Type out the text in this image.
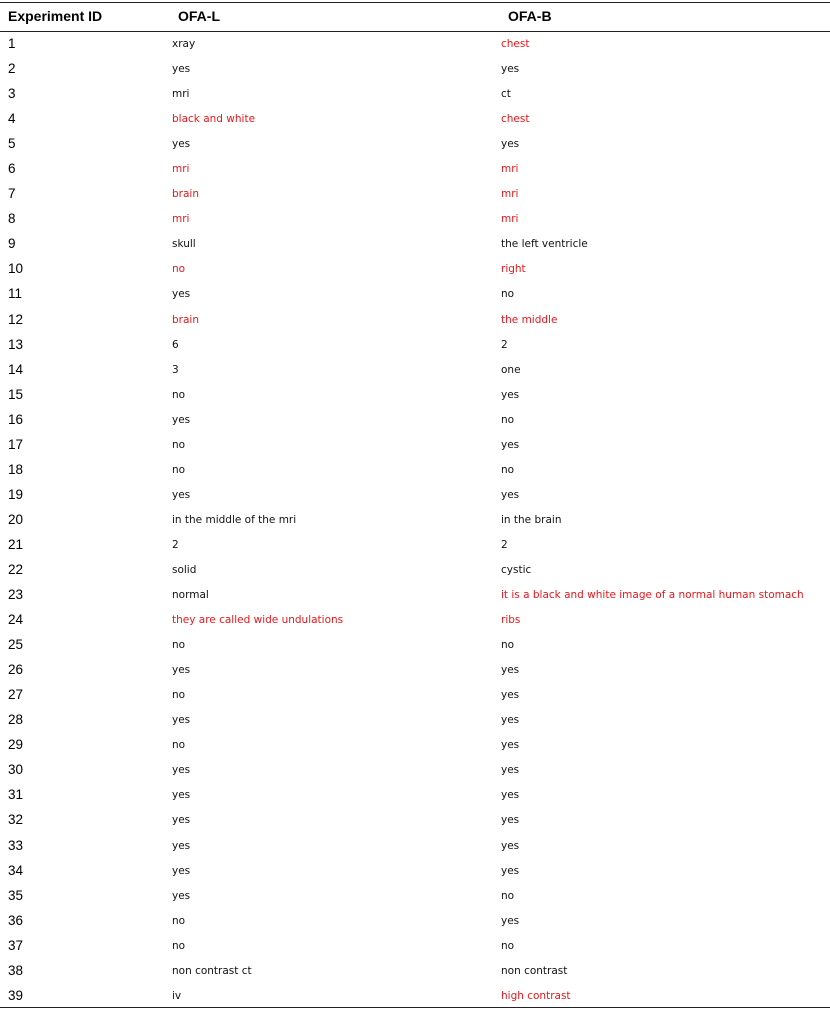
Experiment ID	OFA-L	OFA-B
1	xray	chest
2	yes	yes
3	mri	ct
4	black and white	chest
5	yes	yes
6	mri	mri
7	brain	mri
8	mri	mri
9	skull	the left ventricle
10	no	right
11	yes	no
12	brain	the middle
13	6	2
14	3	one
15	no	yes
16	yes	no
17	no	yes
18	no	no
19	yes	yes
20	in the middle of the mri	in the brain
21	2	2
22	solid	cystic
23	normal	it is a black and white image of a normal human stomach
24	they are called wide undulations	ribs
25	no	no
26	yes	yes
27	no	yes
28	yes	yes
29	no	yes
30	yes	yes
31	yes	yes
32	yes	yes
33	yes	yes
34	yes	yes
35	yes	no
36	no	yes
37	no	no
38	non contrast ct	non contrast
39	iv	high contrast
